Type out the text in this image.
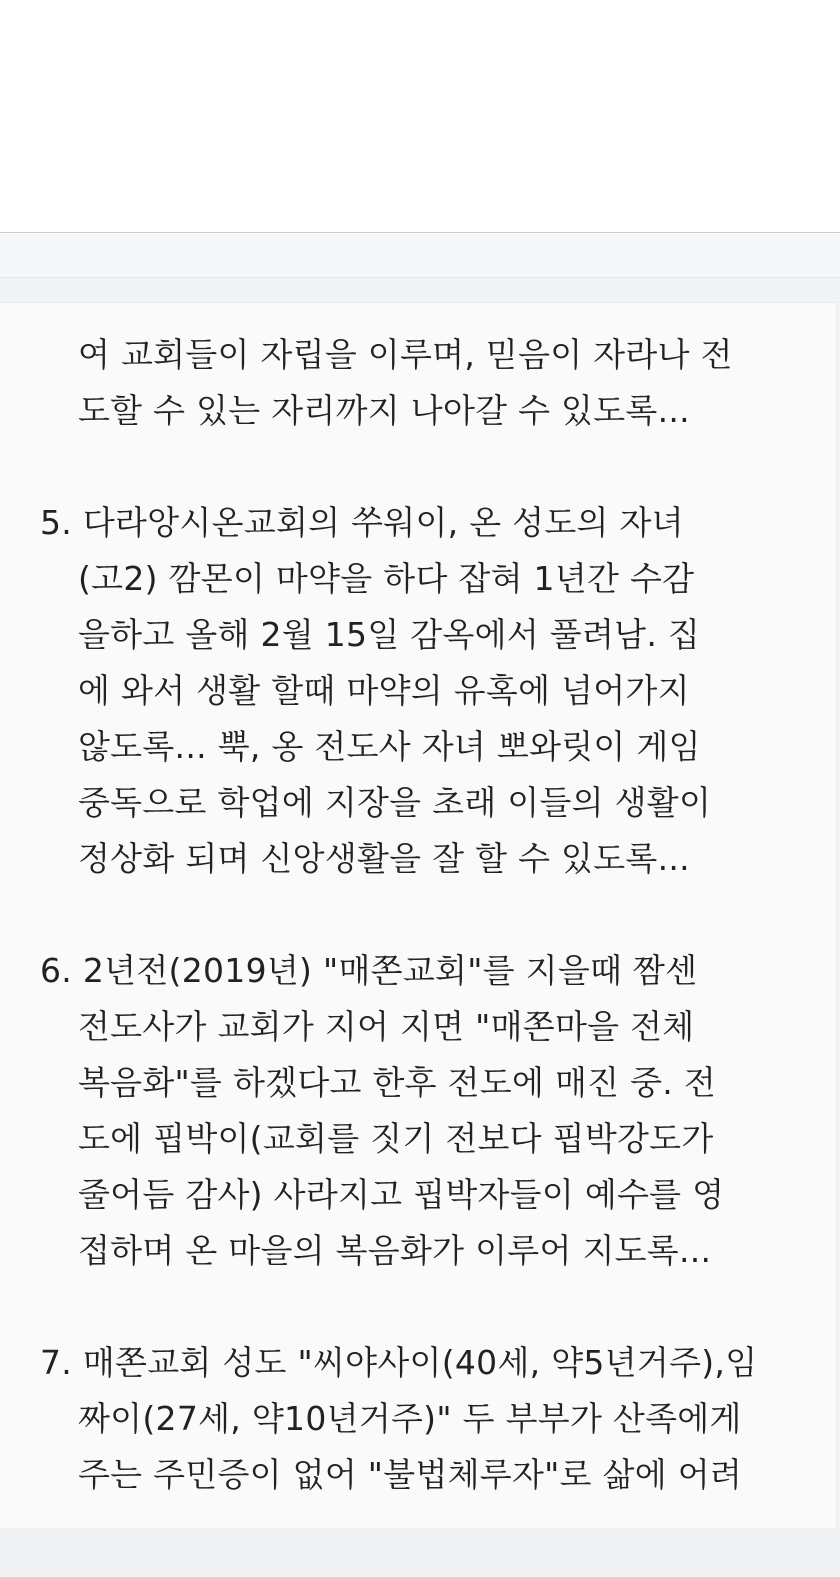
여 교회들이 자립을 이루며, 믿음이 자라나 전
도할 수 있는 자리까지 나아갈 수 있도록...
5. 다라앙시온교회의 쑤워이, 온 성도의 자녀
(고2) 깜몬이 마약을 하다 잡혀 1년간 수감
을하고 올해 2월 15일 감옥에서 풀려남. 집
에 와서 생활 할때 마약의 유혹에 넘어가지
않도록... 뿍, 옹 전도사 자녀 뽀와릿이 게임
중독으로 학업에 지장을 초래 이들의 생활이
정상화 되며 신앙생활을 잘 할 수 있도록...
6. 2년전(2019년) "매쫀교회"를 지을때 짬센
전도사가 교회가 지어 지면 "매쫀마을 전체
복음화"를 하겠다고 한후 전도에 매진 중. 전
도에 핍박이(교회를 짓기 전보다 핍박강도가
줄어듬 감사) 사라지고 핍박자들이 예수를 영
접하며 온 마을의 복음화가 이루어 지도록...
7. 매쫀교회 성도 "씨야사이(40세, 약5년거주),임
짜이(27세, 약10년거주)" 두 부부가 산족에게
주는 주민증이 없어 "불법체루자"로 삶에 어려
